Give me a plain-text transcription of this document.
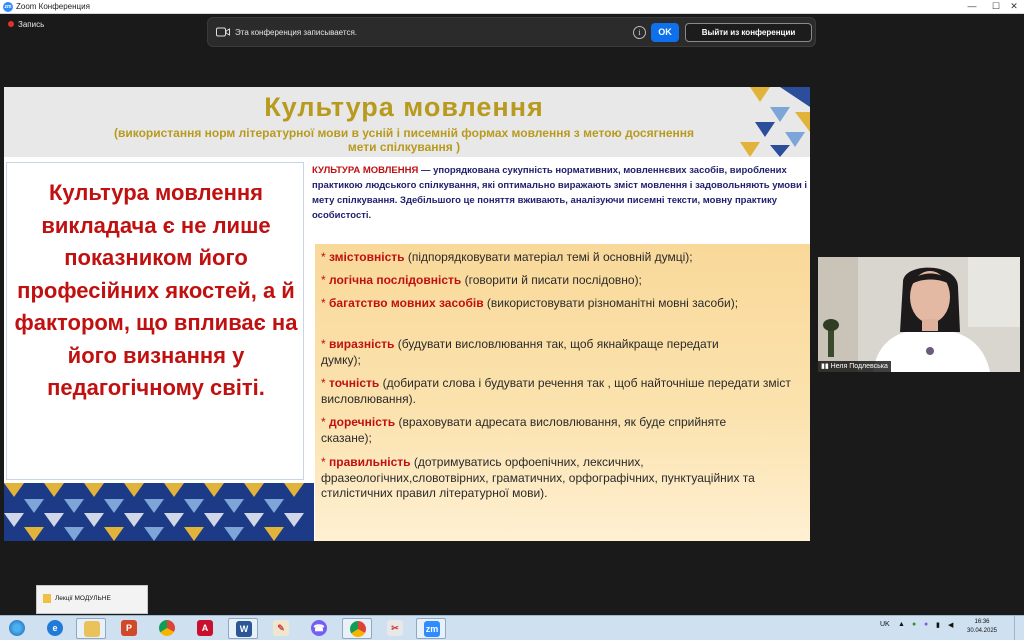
zm Zoom Конференция	—	☐	✕
Запись
Эта конференция записывается.	i	OK	Выйти из конференции
Культура мовлення
(використання норм літературної мови в усній і писемній формах мовлення з метою досягнення мети спілкування )
Культура мовлення викладача є не лише показником його професійних якостей, а й фактором, що впливає на його визнання у педагогічному світі.
КУЛЬТУРА МОВЛЕННЯ — упорядкована сукупність нормативних, мовленнєвих засобів, вироблених практикою людського спілкування, які оптимально виражають зміст мовлення і задовольняють умови і мету спілкування. Здебільшого це поняття вживають, аналізуючи писемні тексти, мовну практику особистості.
* змістовність (підпорядковувати матеріал темі й основній думці);
* логічна послідовність (говорити й писати послідовно);
* багатство мовних засобів (використовувати різноманітні мовні засоби);
* виразність (будувати висловлювання так, щоб якнайкраще передати думку);
* точність (добирати слова і будувати речення так , щоб найточніше передати зміст висловлювання).
* доречність (враховувати адресата висловлювання, як буде сприйняте сказане);
* правильність (дотримуватись орфоепічних, лексичних, фразеологічних,словотвірних, граматичних, орфографічних, пунктуаційних та стилістичних правил літературної мови).
▮▮ Неля Подлевська
Лекції МОДУЛЬНЕ
e	P	A	W	✎	☎	✂	zm	UK ▲ ● ● ▮ ◀	16:36
30.04.2025
